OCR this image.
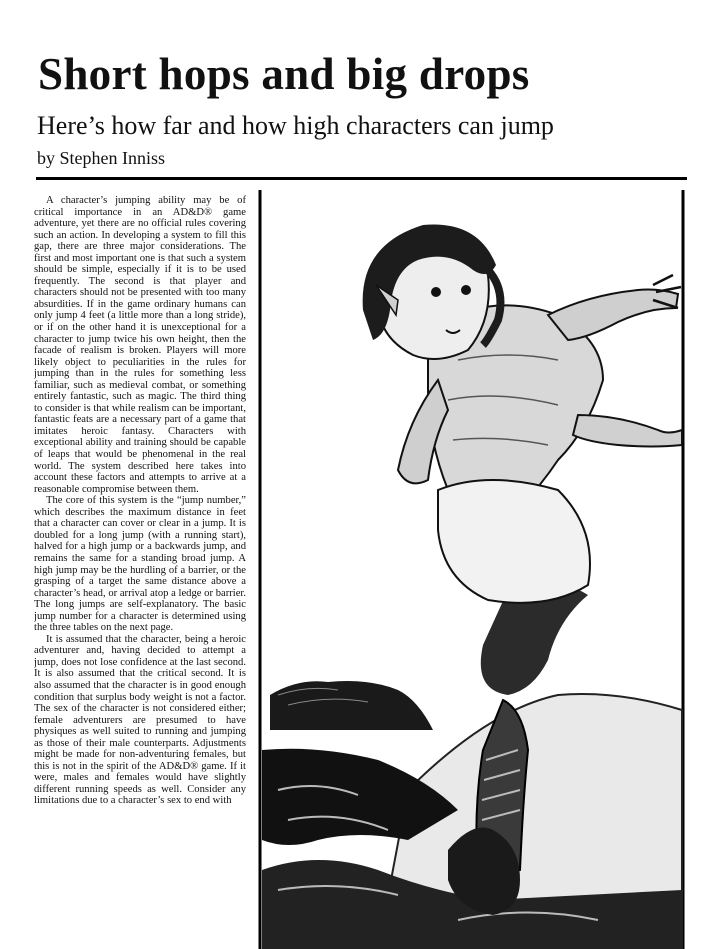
Short hops and big drops
Here’s how far and how high characters can jump
by Stephen Inniss

A character’s jumping ability may be of critical importance in an AD&D® game adventure, yet there are no official rules covering such an action. In developing a system to fill this gap, there are three major considerations. The first and most important one is that such a system should be simple, especially if it is to be used frequently. The second is that player and characters should not be presented with too many absurdities. If in the game ordinary humans can only jump 4 feet (a little more than a long stride), or if on the other hand it is unexceptional for a character to jump twice his own height, then the facade of realism is broken. Players will more likely object to peculiarities in the rules for jumping than in the rules for something less familiar, such as medieval combat, or something entirely fantastic, such as magic. The third thing to consider is that while realism can be important, fantastic feats are a necessary part of a game that imitates heroic fantasy. Characters with exceptional ability and training should be capable of leaps that would be phenomenal in the real world. The system described here takes into account these factors and attempts to arrive at a reasonable compromise between them.

The core of this system is the “jump number,” which describes the maximum distance in feet that a character can cover or clear in a jump. It is doubled for a long jump (with a running start), halved for a high jump or a backwards jump, and remains the same for a standing broad jump. A high jump may be the hurdling of a barrier, or the grasping of a target the same distance above a character’s head, or arrival atop a ledge or barrier. The long jumps are self-explanatory. The basic jump number for a character is determined using the three tables on the next page.

It is assumed that the character, being a heroic adventurer and, having decided to attempt a jump, does not lose confidence at the last second. It is also assumed that the critical second. It is also assumed that the character is in good enough condition that surplus body weight is not a factor. The sex of the character is not considered either; female adventurers are presumed to have physiques as well suited to running and jumping as those of their male counterparts. Adjustments might be made for non-adventuring females, but this is not in the spirit of the AD&D® game. If it were, males and females would have slightly different running speeds as well. Consider any limitations due to a character’s sex to end with
